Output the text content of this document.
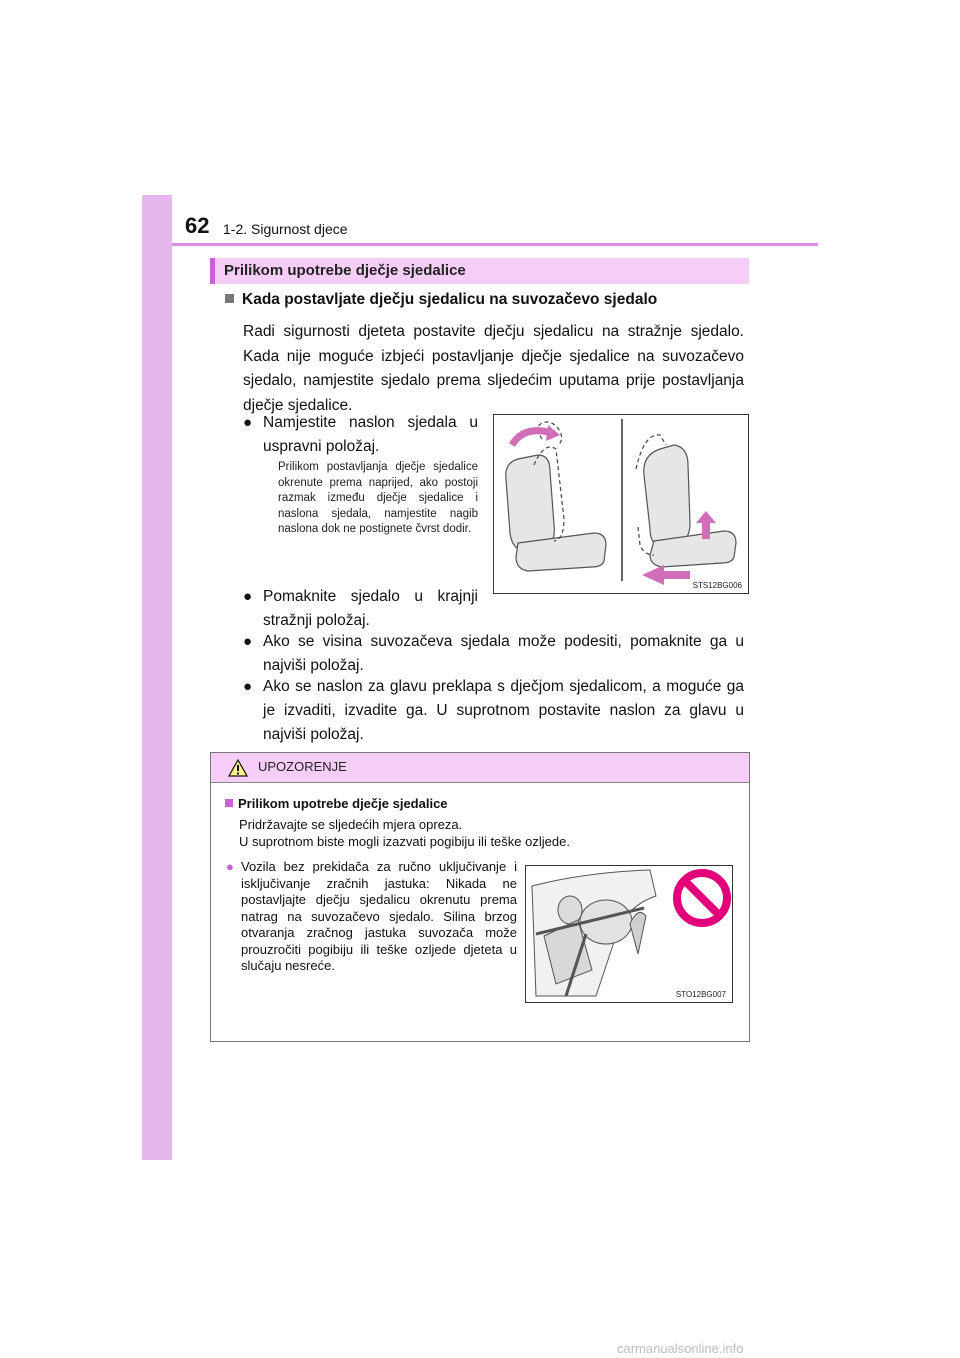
62 1-2. Sigurnost djece
Prilikom upotrebe dječje sjedalice
Kada postavljate dječju sjedalicu na suvozačevo sjedalo
Radi sigurnosti djeteta postavite dječju sjedalicu na stražnje sjedalo. Kada nije moguće izbjeći postavljanje dječje sjedalice na suvozačevo sjedalo, namjestite sjedalo prema sljedećim uputama prije postavljanja dječje sjedalice.
● Namjestite naslon sjedala u uspravni položaj.
Prilikom postavljanja dječje sjedalice okrenute prema naprijed, ako postoji razmak između dječje sjedalice i naslona sjedala, namjestite nagib naslona dok ne postignete čvrst dodir.
● Pomaknite sjedalo u krajnji stražnji položaj.
● Ako se visina suvozačeva sjedala može podesiti, pomaknite ga u najviši položaj.
● Ako se naslon za glavu preklapa s dječjom sjedalicom, a moguće ga je izvaditi, izvadite ga. U suprotnom postavite naslon za glavu u najviši položaj.
STS12BG006
UPOZORENJE
Prilikom upotrebe dječje sjedalice
Pridržavajte se sljedećih mjera opreza.
U suprotnom biste mogli izazvati pogibiju ili teške ozljede.
● Vozila bez prekidača za ručno uključivanje i isključivanje zračnih jastuka: Nikada ne postavljajte dječju sjedalicu okrenutu prema natrag na suvozačevo sjedalo. Silina brzog otvaranja zračnog jastuka suvozača može prouzročiti pogibiju ili teške ozljede djeteta u slučaju nesreće.
STO12BG007
carmanualsonline.info
